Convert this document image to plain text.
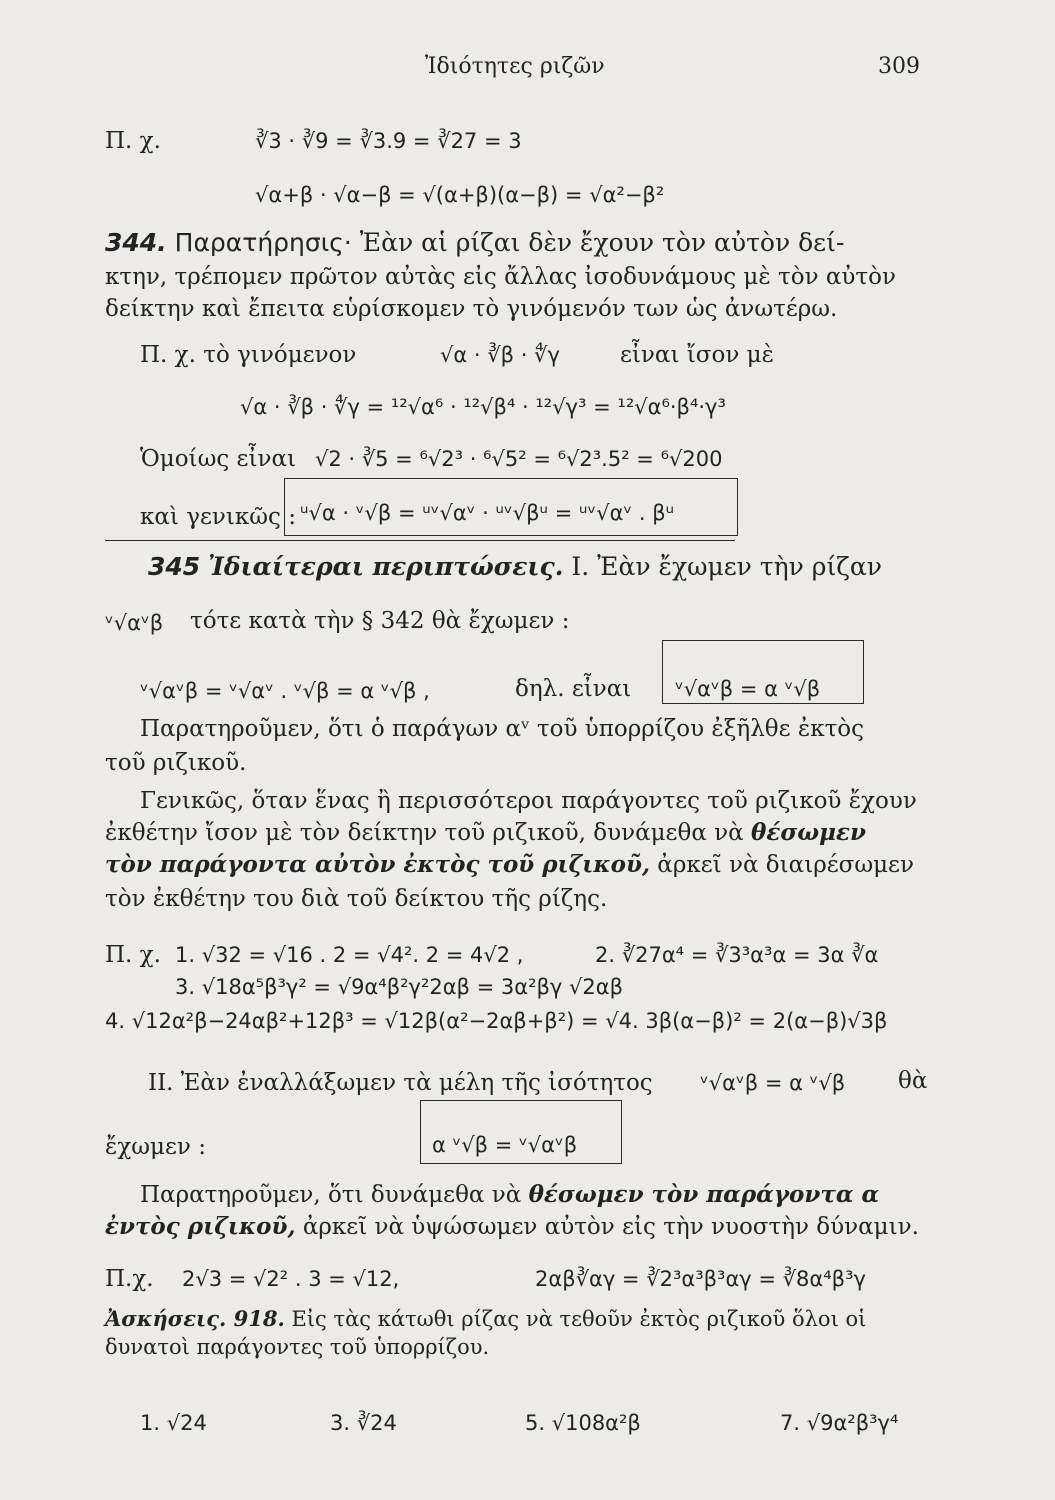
Ἰδιότητες ριζῶν	309
Π. χ.	∛3 · ∛9 = ∛3.9 = ∛27 = 3
√α+β · √α−β = √(α+β)(α−β) = √α²−β²
344. Παρατήρησις· Ἐὰν αἱ ρίζαι δὲν ἔχουν τὸν αὐτὸν δεί-
κτην, τρέπομεν πρῶτον αὐτὰς εἰς ἄλλας ἰσοδυνάμους μὲ τὸν αὐτὸν
δείκτην καὶ ἔπειτα εὑρίσκομεν τὸ γινόμενόν των ὡς ἀνωτέρω.
Π. χ. τὸ γινόμενον	√α · ∛β · ∜γ	εἶναι ἴσον μὲ
√α · ∛β · ∜γ = ¹²√α⁶ · ¹²√β⁴ · ¹²√γ³ = ¹²√α⁶·β⁴·γ³
Ὁμοίως εἶναι √2 · ∛5 = ⁶√2³ · ⁶√5² = ⁶√2³.5² = ⁶√200
καὶ γενικῶς : ᵘ√α · ᵛ√β = ᵘᵛ√αᵛ · ᵘᵛ√βᵘ = ᵘᵛ√αᵛ . βᵘ
345 Ἰδιαίτεραι περιπτώσεις. I. Ἐὰν ἔχωμεν τὴν ρίζαν
ᵛ√αᵛβ τότε κατὰ τὴν § 342 θὰ ἔχωμεν :
ᵛ√αᵛβ = ᵛ√αᵛ . ᵛ√β = α ᵛ√β ,	δηλ. εἶναι ᵛ√αᵛβ = α ᵛ√β
Παρατηροῦμεν, ὅτι ὁ παράγων αᵛ τοῦ ὑπορρίζου ἐξῆλθε ἐκτὸς
τοῦ ριζικοῦ.
Γενικῶς, ὅταν ἕνας ἢ περισσότεροι παράγοντες τοῦ ριζικοῦ ἔχουν
ἐκθέτην ἴσον μὲ τὸν δείκτην τοῦ ριζικοῦ, δυνάμεθα νὰ θέσωμεν
τὸν παράγοντα αὐτὸν ἐκτὸς τοῦ ριζικοῦ, ἀρκεῖ νὰ διαιρέσωμεν
τὸν ἐκθέτην του διὰ τοῦ δείκτου τῆς ρίζης.
Π. χ. 1. √32 = √16 . 2 = √4². 2 = 4√2 ,	2. ∛27α⁴ = ∛3³α³α = 3α ∛α
3. √18α⁵β³γ² = √9α⁴β²γ²2αβ = 3α²βγ √2αβ
4. √12α²β−24αβ²+12β³ = √12β(α²−2αβ+β²) = √4. 3β(α−β)² = 2(α−β)√3β
II. Ἐὰν ἐναλλάξωμεν τὰ μέλη τῆς ἰσότητος ᵛ√αᵛβ = α ᵛ√β θὰ
ἔχωμεν :	α ᵛ√β = ᵛ√αᵛβ
Παρατηροῦμεν, ὅτι δυνάμεθα νὰ θέσωμεν τὸν παράγοντα α
ἐντὸς ριζικοῦ, ἀρκεῖ νὰ ὑψώσωμεν αὐτὸν εἰς τὴν νυοστὴν δύναμιν.
Π.χ. 2√3 = √2² . 3 = √12,	2αβ∛αγ = ∛2³α³β³αγ = ∛8α⁴β³γ
Ἀσκήσεις. 918. Εἰς τὰς κάτωθι ρίζας νὰ τεθοῦν ἐκτὸς ριζικοῦ ὅλοι οἱ
δυνατοὶ παράγοντες τοῦ ὑπορρίζου.
1. √24	3. ∛24	5. √108α²β	7. √9α²β³γ⁴
